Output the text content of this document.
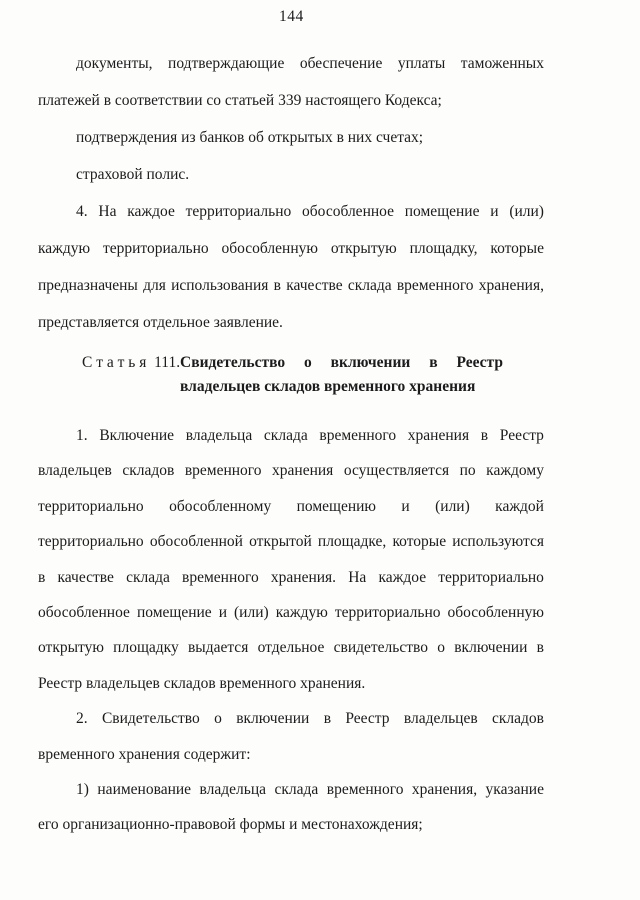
144
документы, подтверждающие обеспечение уплаты таможенных
платежей в соответствии со статьей 339 настоящего Кодекса;
подтверждения из банков об открытых в них счетах;
страховой полис.
4. На каждое территориально обособленное помещение и (или)
каждую территориально обособленную открытую площадку, которые
предназначены для использования в качестве склада временного хранения,
представляется отдельное заявление.
С т а т ь я  111. Свидетельство о включении в Реестр
владельцев складов временного хранения
1. Включение владельца склада временного хранения в Реестр
владельцев складов временного хранения осуществляется по каждому
территориально обособленному помещению и (или) каждой
территориально обособленной открытой площадке, которые используются
в качестве склада временного хранения. На каждое территориально
обособленное помещение и (или) каждую территориально обособленную
открытую площадку выдается отдельное свидетельство о включении в
Реестр владельцев складов временного хранения.
2. Свидетельство о включении в Реестр владельцев складов
временного хранения содержит:
1) наименование владельца склада временного хранения, указание
его организационно-правовой формы и местонахождения;
